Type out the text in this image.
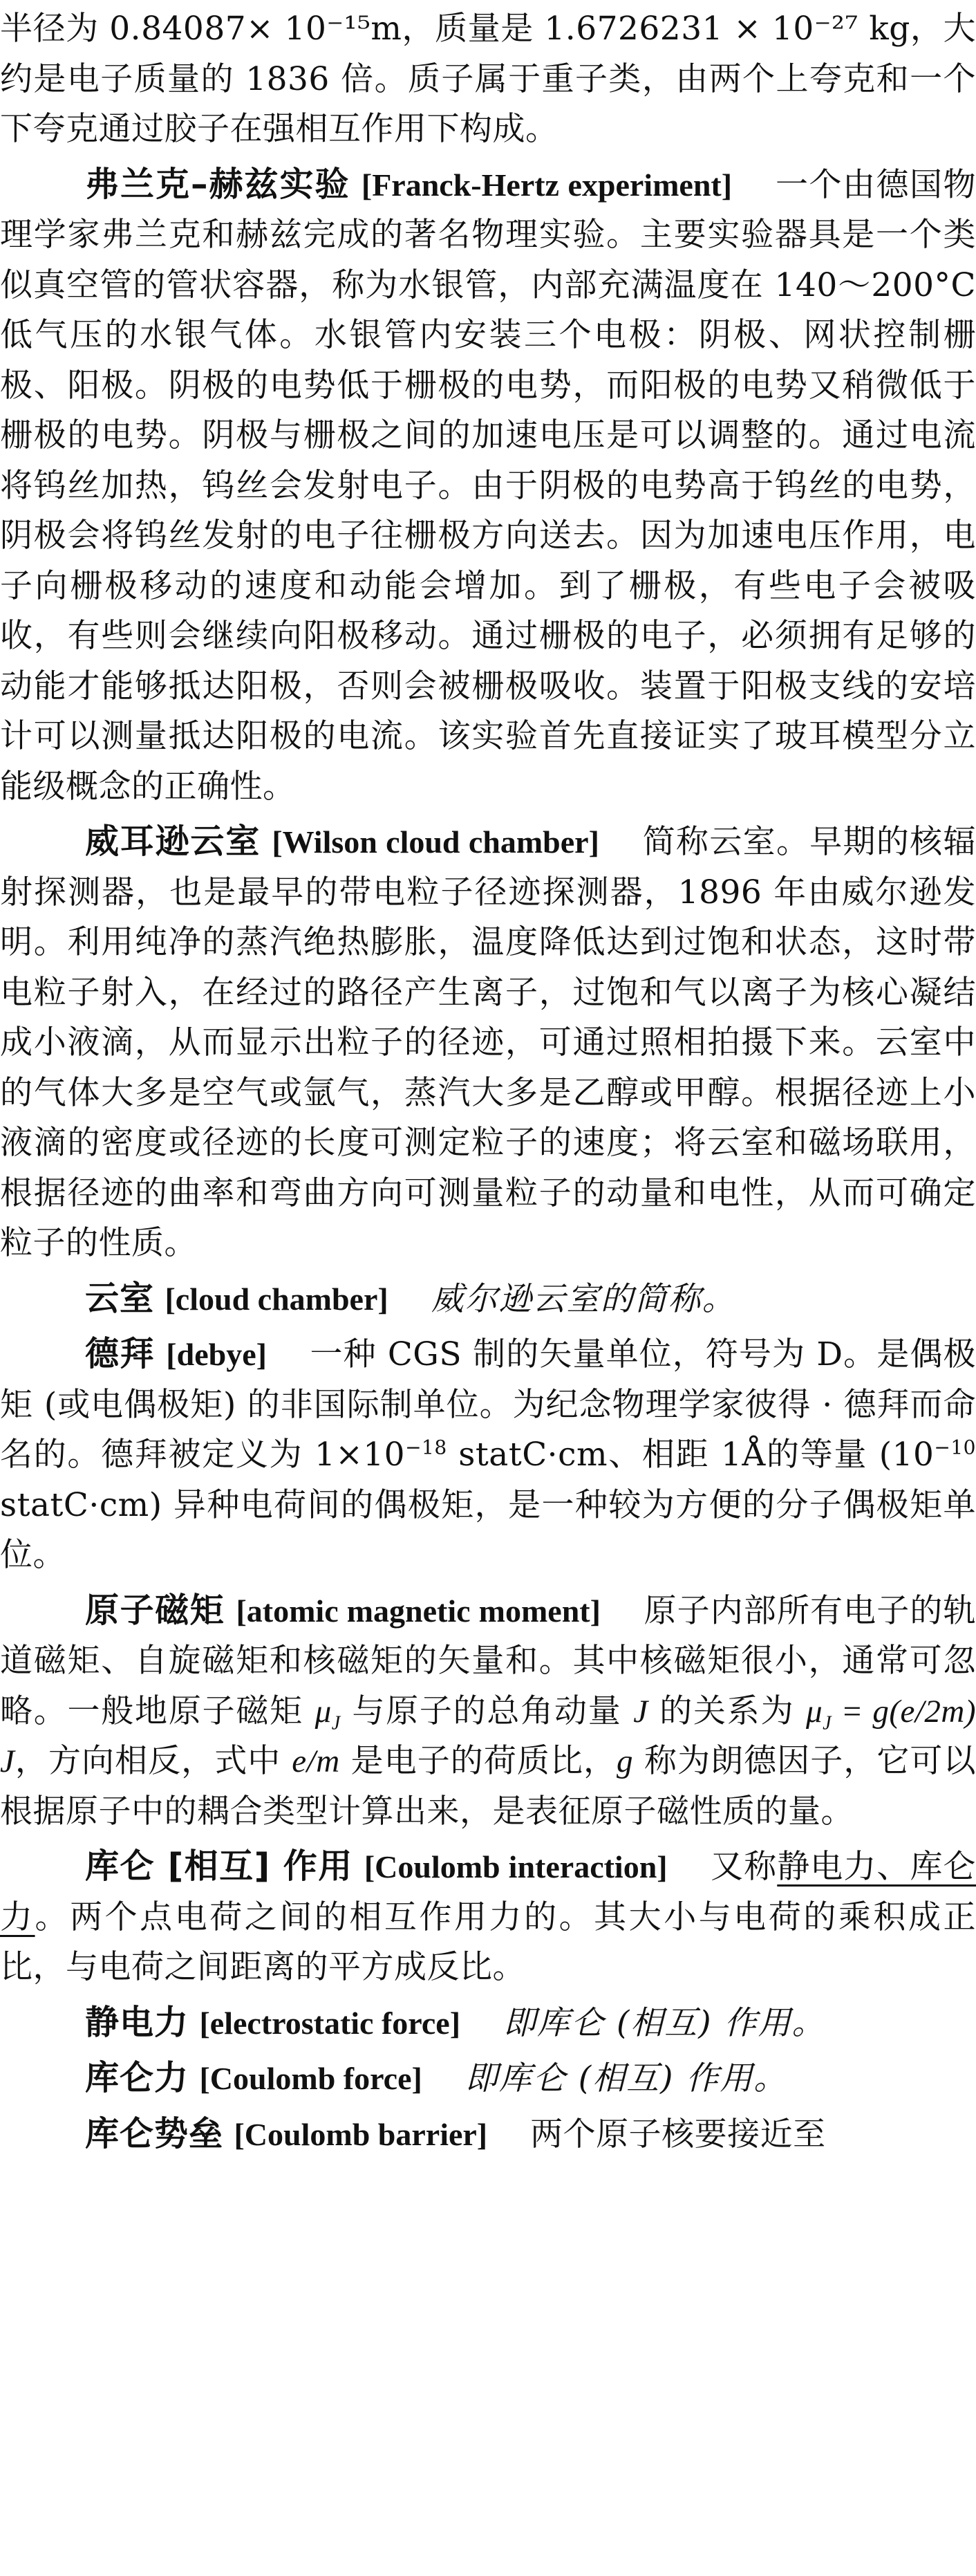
半径为 0.84087× 10⁻¹⁵m，质量是 1.6726231 × 10⁻²⁷ kg，大约是电子质量的 1836 倍。质子属于重子类，由两个上夸克和一个下夸克通过胶子在强相互作用下构成。

弗兰克–赫兹实验 [Franck-Hertz experiment] 一个由德国物理学家弗兰克和赫兹完成的著名物理实验。主要实验器具是一个类似真空管的管状容器，称为水银管，内部充满温度在 140～200°C低气压的水银气体。水银管内安装三个电极：阴极、网状控制栅极、阳极。阴极的电势低于栅极的电势，而阳极的电势又稍微低于栅极的电势。阴极与栅极之间的加速电压是可以调整的。通过电流将钨丝加热，钨丝会发射电子。由于阴极的电势高于钨丝的电势，阴极会将钨丝发射的电子往栅极方向送去。因为加速电压作用，电子向栅极移动的速度和动能会增加。到了栅极，有些电子会被吸收，有些则会继续向阳极移动。通过栅极的电子，必须拥有足够的动能才能够抵达阳极，否则会被栅极吸收。装置于阳极支线的安培计可以测量抵达阳极的电流。该实验首先直接证实了玻耳模型分立能级概念的正确性。

威耳逊云室 [Wilson cloud chamber] 简称云室。早期的核辐射探测器，也是最早的带电粒子径迹探测器，1896 年由威尔逊发明。利用纯净的蒸汽绝热膨胀，温度降低达到过饱和状态，这时带电粒子射入，在经过的路径产生离子，过饱和气以离子为核心凝结成小液滴，从而显示出粒子的径迹，可通过照相拍摄下来。云室中的气体大多是空气或氩气，蒸汽大多是乙醇或甲醇。根据径迹上小液滴的密度或径迹的长度可测定粒子的速度；将云室和磁场联用，根据径迹的曲率和弯曲方向可测量粒子的动量和电性，从而可确定粒子的性质。

云室 [cloud chamber] 威尔逊云室的简称。

德拜 [debye] 一种 CGS 制的矢量单位，符号为 D。是偶极矩 (或电偶极矩) 的非国际制单位。为纪念物理学家彼得 · 德拜而命名的。德拜被定义为 $1\times 10^{-18}$ statC·cm、相距 1Å的等量 ($10^{-10}$ statC·cm) 异种电荷间的偶极矩，是一种较为方便的分子偶极矩单位。

原子磁矩 [atomic magnetic moment] 原子内部所有电子的轨道磁矩、自旋磁矩和核磁矩的矢量和。其中核磁矩很小，通常可忽略。一般地原子磁矩 $\mu_J$ 与原子的总角动量 J 的关系为 $\mu_J = g(e/2m)J$，方向相反，式中 e/m 是电子的荷质比，g 称为朗德因子，它可以根据原子中的耦合类型计算出来，是表征原子磁性质的量。

库仑 [相互] 作用 [Coulomb interaction] 又称静电力、库仑力。两个点电荷之间的相互作用力的。其大小与电荷的乘积成正比，与电荷之间距离的平方成反比。

静电力 [electrostatic force] 即库仑 (相互) 作用。

库仑力 [Coulomb force] 即库仑 (相互) 作用。

库仑势垒 [Coulomb barrier] 两个原子核要接近至
